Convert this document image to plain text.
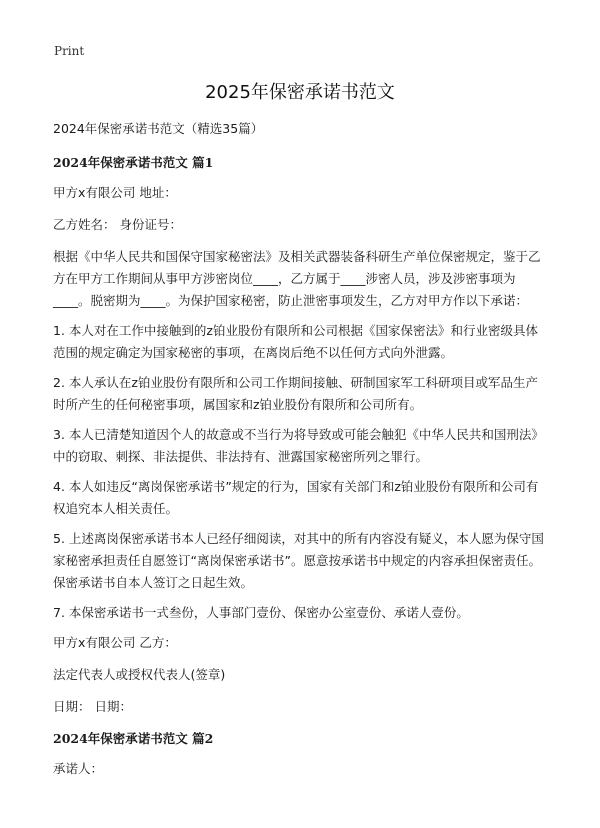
Print
2025年保密承诺书范文

2024年保密承诺书范文（精选35篇）

2024年保密承诺书范文 篇1

甲方x有限公司 地址：

乙方姓名： 身份证号：

根据《中华人民共和国保守国家秘密法》及相关武器装备科研生产单位保密规定，鉴于乙方在甲方工作期间从事甲方涉密岗位____，乙方属于____涉密人员，涉及涉密事项为____。脱密期为____。为保护国家秘密，防止泄密事项发生，乙方对甲方作以下承诺：

1. 本人对在工作中接触到的z铂业股份有限所和公司根据《国家保密法》和行业密级具体范围的规定确定为国家秘密的事项，在离岗后绝不以任何方式向外泄露。

2. 本人承认在z铂业股份有限所和公司工作期间接触、研制国家军工科研项目或军品生产时所产生的任何秘密事项，属国家和z铂业股份有限所和公司所有。

3. 本人已清楚知道因个人的故意或不当行为将导致或可能会触犯《中华人民共和国刑法》中的窃取、刺探、非法提供、非法持有、泄露国家秘密所列之罪行。

4. 本人如违反“离岗保密承诺书”规定的行为，国家有关部门和z铂业股份有限所和公司有权追究本人相关责任。

5. 上述离岗保密承诺书本人已经仔细阅读，对其中的所有内容没有疑义，本人愿为保守国家秘密承担责任自愿签订“离岗保密承诺书”。愿意按承诺书中规定的内容承担保密责任。保密承诺书自本人签订之日起生效。

7. 本保密承诺书一式叁份，人事部门壹份、保密办公室壹份、承诺人壹份。

甲方x有限公司 乙方：

法定代表人或授权代表人(签章)

日期： 日期：

2024年保密承诺书范文 篇2

承诺人：
